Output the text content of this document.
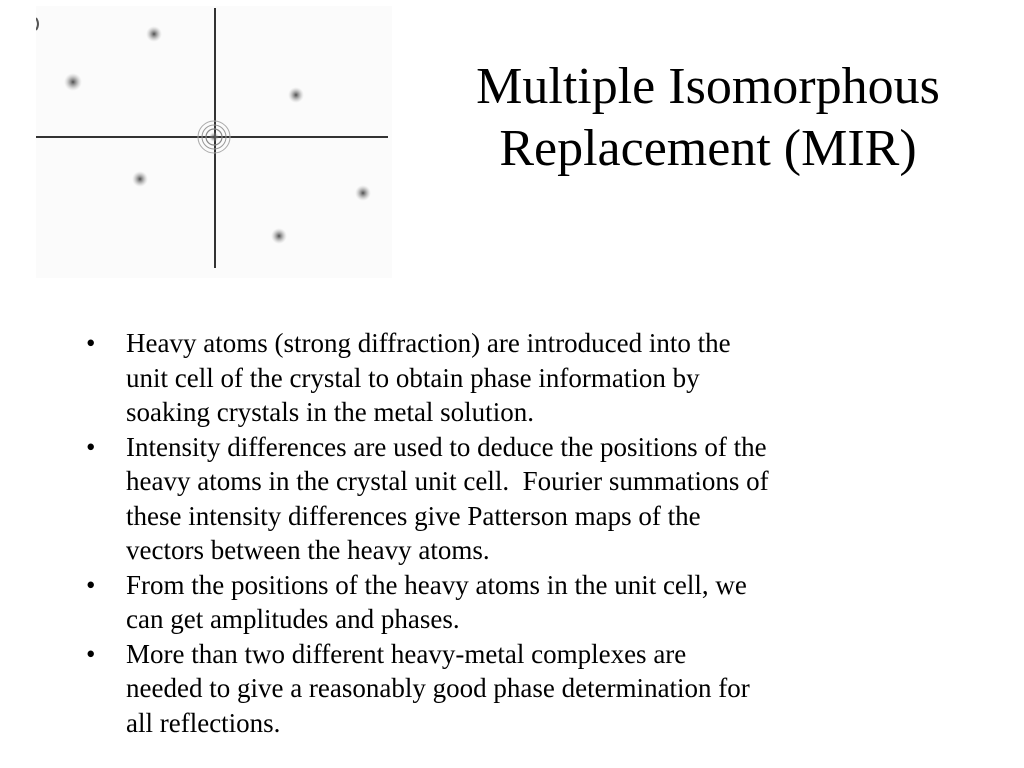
Multiple Isomorphous
Replacement (MIR)
• Heavy atoms (strong diffraction) are introduced into the
unit cell of the crystal to obtain phase information by
soaking crystals in the metal solution.
• Intensity differences are used to deduce the positions of the
heavy atoms in the crystal unit cell.  Fourier summations of
these intensity differences give Patterson maps of the
vectors between the heavy atoms.
• From the positions of the heavy atoms in the unit cell, we
can get amplitudes and phases.
• More than two different heavy-metal complexes are
needed to give a reasonably good phase determination for
all reflections.
